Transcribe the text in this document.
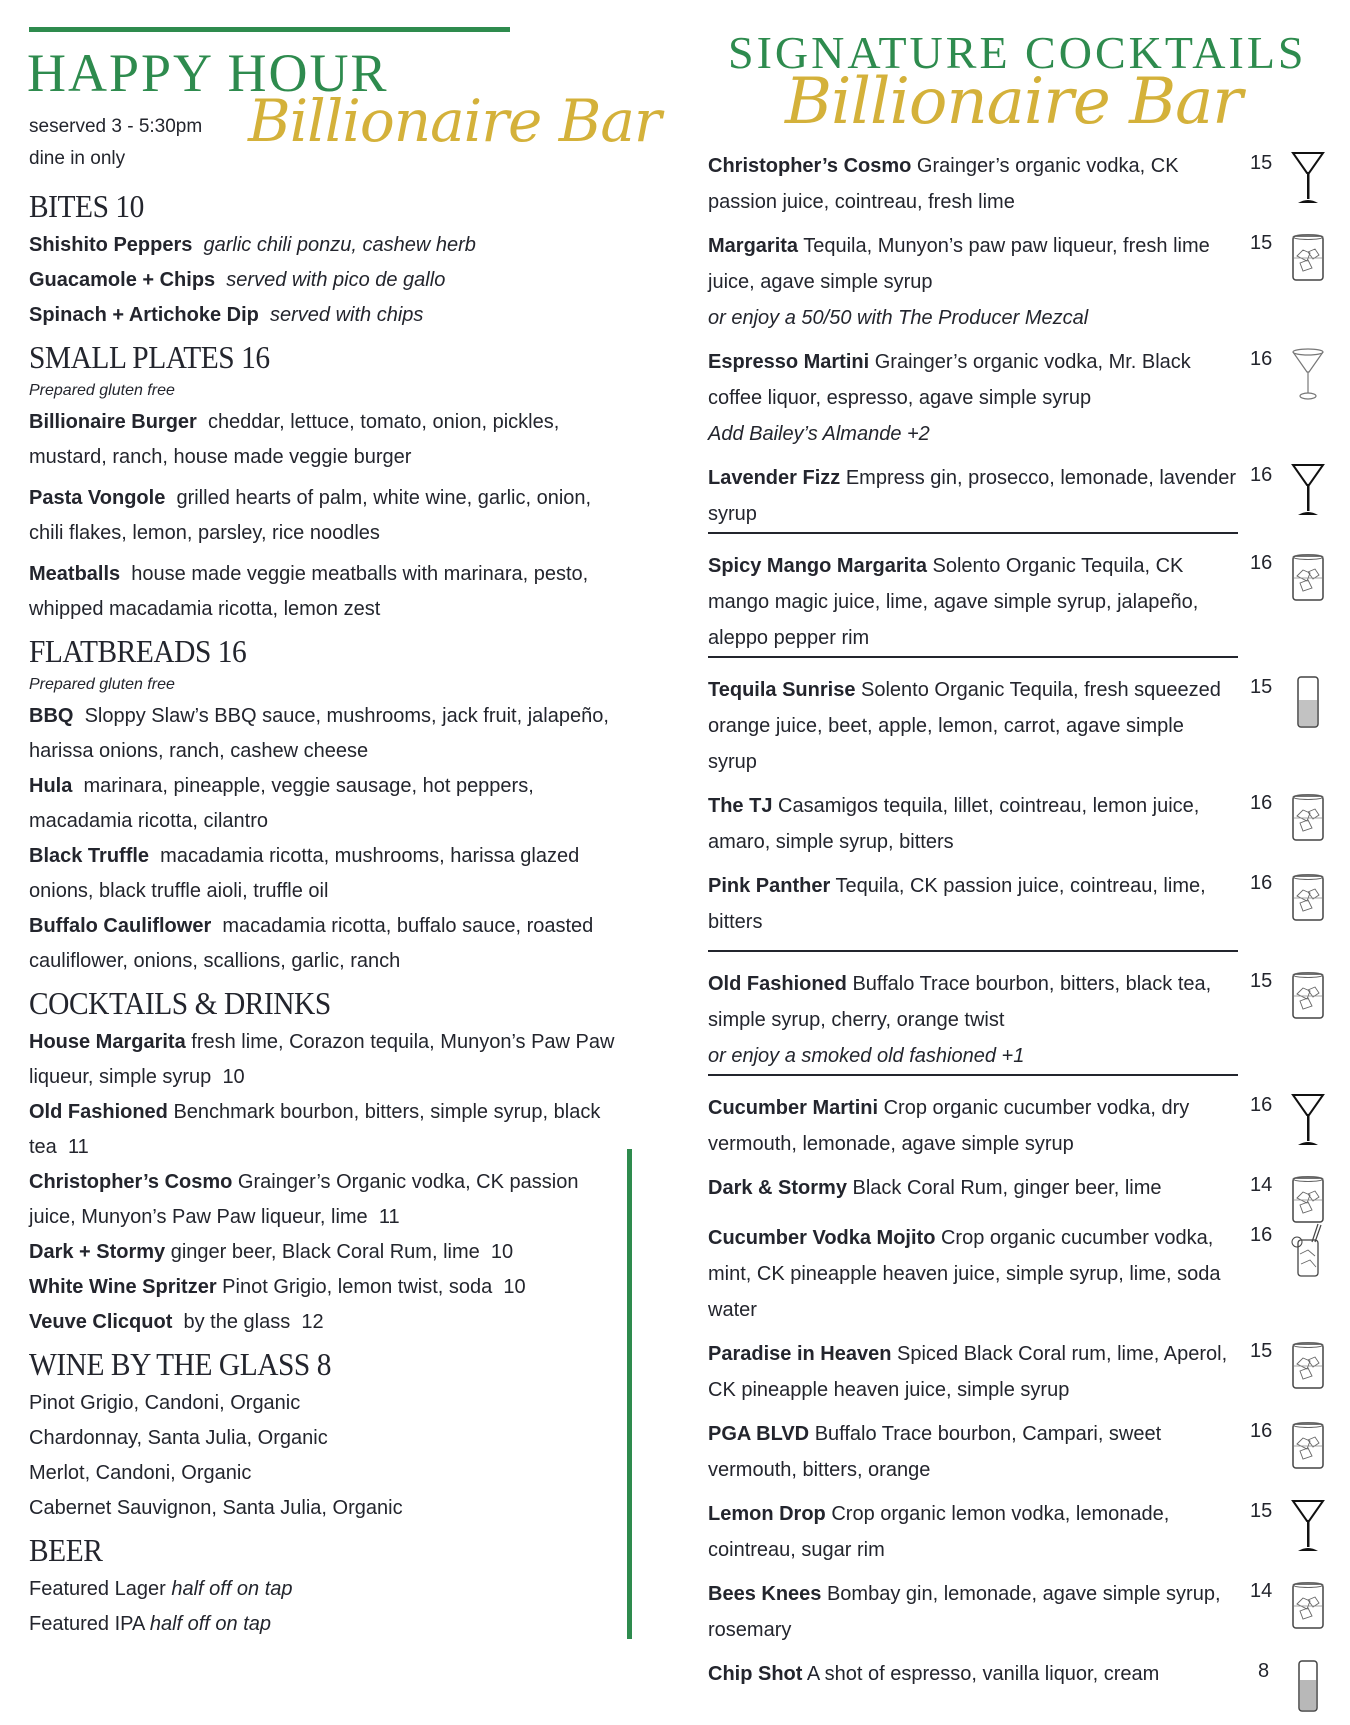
HAPPY HOUR
Billionaire Bar
seserved 3 - 5:30pm
dine in only
BITES 10

Shishito Peppers garlic chili ponzu, cashew herb

Guacamole + Chips served with pico de gallo

Spinach + Artichoke Dip served with chips

SMALL PLATES 16

Prepared gluten free

Billionaire Burger cheddar, lettuce, tomato, onion, pickles, mustard, ranch, house made veggie burger

Pasta Vongole grilled hearts of palm, white wine, garlic, onion, chili flakes, lemon, parsley, rice noodles

Meatballs house made veggie meatballs with marinara, pesto, whipped macadamia ricotta, lemon zest

FLATBREADS 16

Prepared gluten free

BBQ Sloppy Slaw’s BBQ sauce, mushrooms, jack fruit, jalapeño, harissa onions, ranch, cashew cheese

Hula marinara, pineapple, veggie sausage, hot peppers, macadamia ricotta, cilantro

Black Truffle macadamia ricotta, mushrooms, harissa glazed onions, black truffle aioli, truffle oil

Buffalo Cauliflower macadamia ricotta, buffalo sauce, roasted cauliflower, onions, scallions, garlic, ranch

COCKTAILS & DRINKS

House Margarita fresh lime, Corazon tequila, Munyon’s Paw Paw liqueur, simple syrup 10

Old Fashioned Benchmark bourbon, bitters, simple syrup, black tea 11

Christopher’s Cosmo Grainger’s Organic vodka, CK passion juice, Munyon’s Paw Paw liqueur, lime 11

Dark + Stormy ginger beer, Black Coral Rum, lime 10

White Wine Spritzer Pinot Grigio, lemon twist, soda 10

Veuve Clicquot by the glass 12

WINE BY THE GLASS 8

Pinot Grigio, Candoni, Organic

Chardonnay, Santa Julia, Organic

Merlot, Candoni, Organic

Cabernet Sauvignon, Santa Julia, Organic

BEER

Featured Lager half off on tap

Featured IPA half off on tap

SIGNATURE COCKTAILS
Billionaire Bar
Christopher’s Cosmo Grainger’s organic vodka, CK passion juice, cointreau, fresh lime
15
Margarita Tequila, Munyon’s paw paw liqueur, fresh lime juice, agave simple syrup
or enjoy a 50/50 with The Producer Mezcal
15
Espresso Martini Grainger’s organic vodka, Mr. Black coffee liquor, espresso, agave simple syrup
Add Bailey’s Almande +2
16
Lavender Fizz Empress gin, prosecco, lemonade, lavender syrup
16
Spicy Mango Margarita Solento Organic Tequila, CK mango magic juice, lime, agave simple syrup, jalapeño, aleppo pepper rim
16
Tequila Sunrise Solento Organic Tequila, fresh squeezed orange juice, beet, apple, lemon, carrot, agave simple syrup
15
The TJ Casamigos tequila, lillet, cointreau, lemon juice, amaro, simple syrup, bitters
16
Pink Panther Tequila, CK passion juice, cointreau, lime, bitters
16
Old Fashioned Buffalo Trace bourbon, bitters, black tea, simple syrup, cherry, orange twist
or enjoy a smoked old fashioned +1
15
Cucumber Martini Crop organic cucumber vodka, dry vermouth, lemonade, agave simple syrup
16
Dark & Stormy Black Coral Rum, ginger beer, lime	14
Cucumber Vodka Mojito Crop organic cucumber vodka, mint, CK pineapple heaven juice, simple syrup, lime, soda water
16
Paradise in Heaven Spiced Black Coral rum, lime, Aperol, CK pineapple heaven juice, simple syrup
15
PGA BLVD Buffalo Trace bourbon, Campari, sweet vermouth, bitters, orange
16
Lemon Drop Crop organic lemon vodka, lemonade, cointreau, sugar rim
15
Bees Knees Bombay gin, lemonade, agave simple syrup, rosemary
14
Chip Shot A shot of espresso, vanilla liquor, cream	8
